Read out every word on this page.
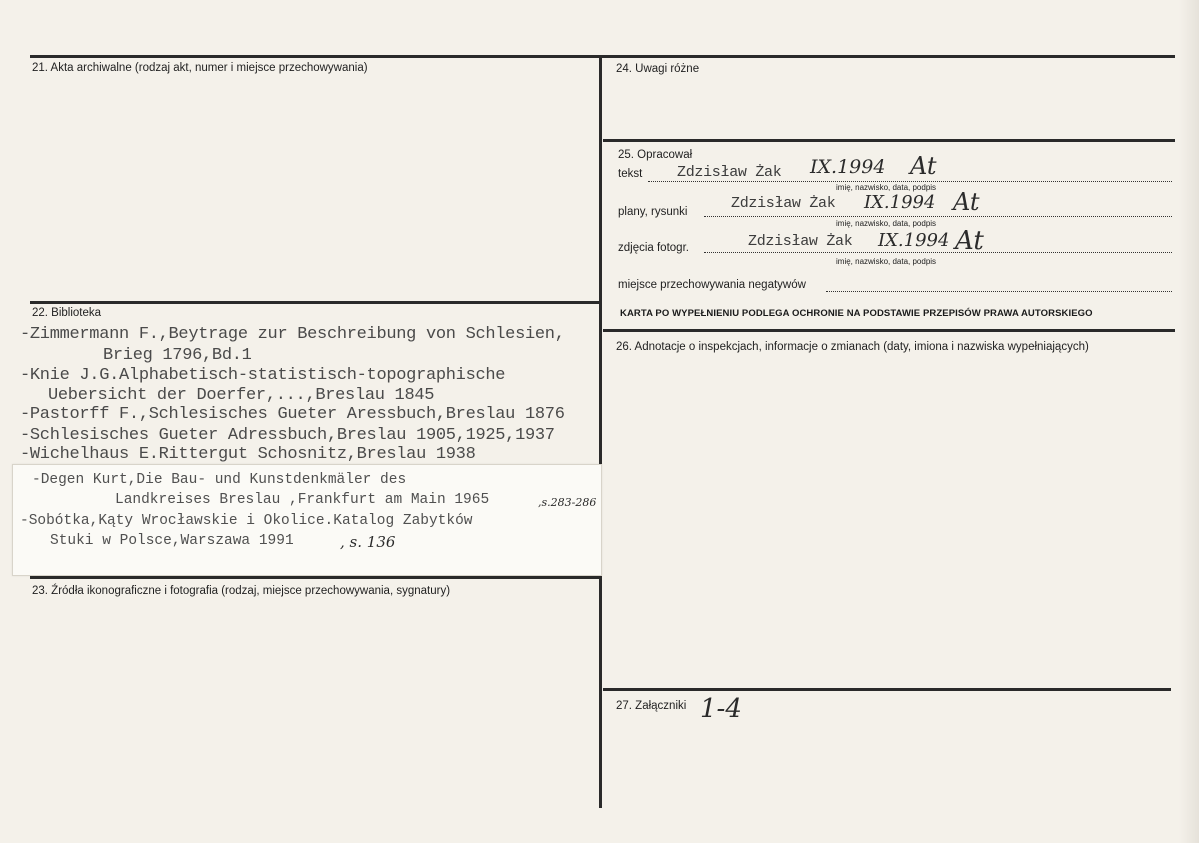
21. Akta archiwalne (rodzaj akt, numer i miejsce przechowywania)	24. Uwagi różne
25. Opracował
tekst Zdzisław Żak IX.1994 At
imię, nazwisko, data, podpis
plany, rysunki	Zdzisław Żak IX.1994 At
imię, nazwisko, data, podpis
zdjęcia fotogr.	Zdzisław Żak IX.1994 At
imię, nazwisko, data, podpis
miejsce przechowywania negatywów
KARTA PO WYPEŁNIENIU PODLEGA OCHRONIE NA PODSTAWIE PRZEPISÓW PRAWA AUTORSKIEGO
22. Biblioteka
-Zimmermann F.,Beytrage zur Beschreibung von Schlesien,
Brieg 1796,Bd.1
-Knie J.G.Alphabetisch-statistisch-topographische
Uebersicht der Doerfer,...,Breslau 1845
-Pastorff F.,Schlesisches Gueter Aressbuch,Breslau 1876
-Schlesisches Gueter Adressbuch,Breslau 1905,1925,1937
-Wichelhaus E.Rittergut Schosnitz,Breslau 1938
-Degen Kurt,Die Bau- und Kunstdenkmäler des
Landkreises Breslau ,Frankfurt am Main 1965	,s.283-286
-Sobótka,Kąty Wrocławskie i Okolice.Katalog Zabytków
Stuki w Polsce,Warszawa 1991	, s. 136
26. Adnotacje o inspekcjach, informacje o zmianach (daty, imiona i nazwiska wypełniających)
23. Źródła ikonograficzne i fotografia (rodzaj, miejsce przechowywania, sygnatury)
27. Załączniki 1-4
